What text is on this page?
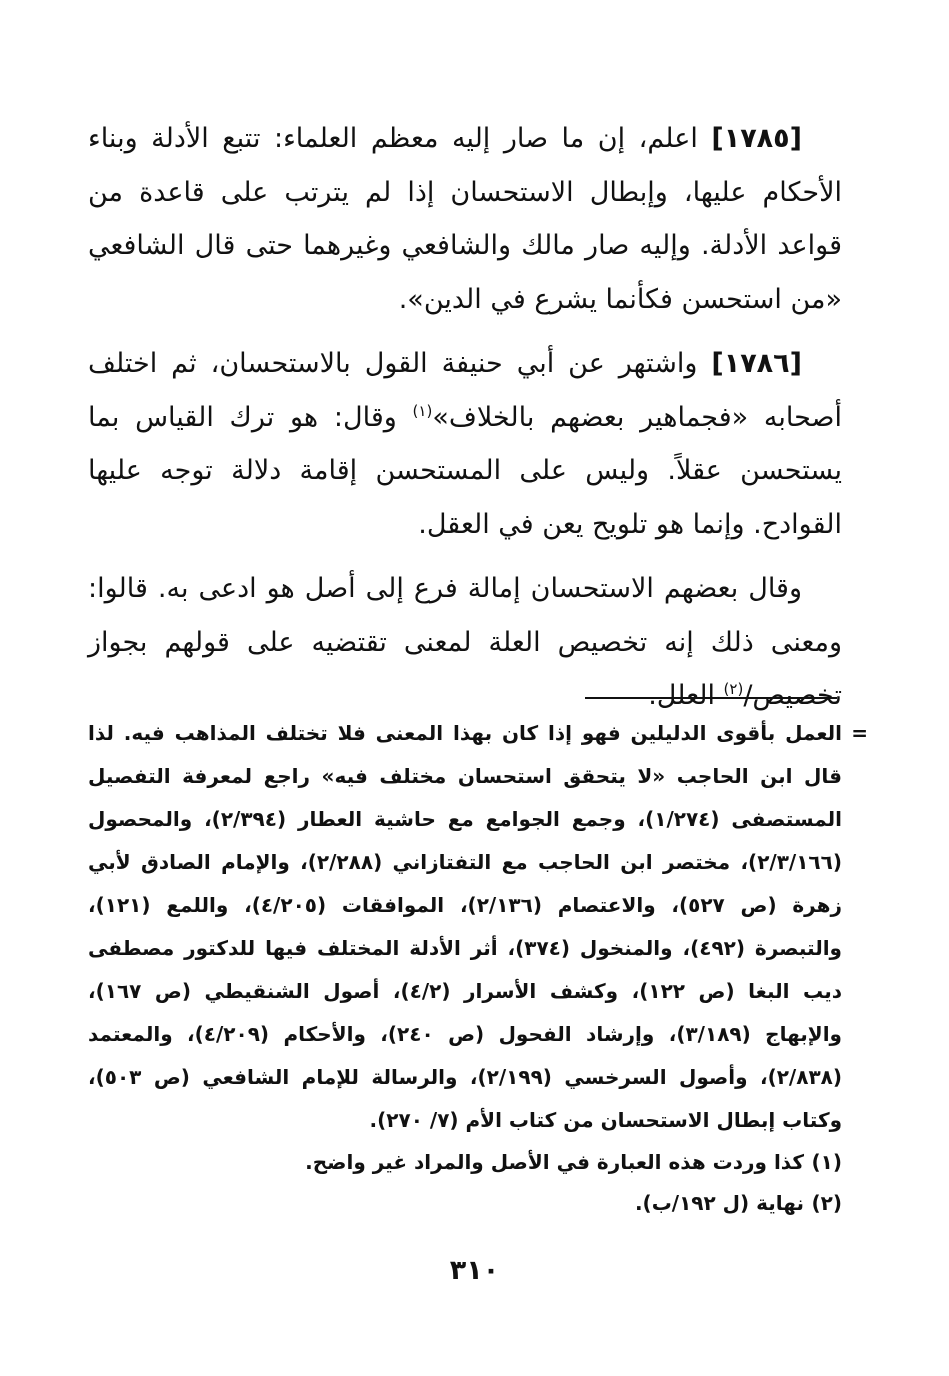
[١٧٨٥] اعلم، إن ما صار إليه معظم العلماء: تتبع الأدلة وبناء الأحكام عليها، وإبطال الاستحسان إذا لم يترتب على قاعدة من قواعد الأدلة. وإليه صار مالك والشافعي وغيرهما حتى قال الشافعي «من استحسن فكأنما يشرع في الدين».

[١٧٨٦] واشتهر عن أبي حنيفة القول بالاستحسان، ثم اختلف أصحابه «فجماهير بعضهم بالخلاف»$^{(١)}$ وقال: هو ترك القياس بما يستحسن عقلاً. وليس على المستحسن إقامة دلالة توجه عليها القوادح. وإنما هو تلويح يعن في العقل.

وقال بعضهم الاستحسان إمالة فرع إلى أصل هو ادعى به. قالوا: ومعنى ذلك إنه تخصيص العلة لمعنى تقتضيه على قولهم بجواز تخصيص/$^{(٢)}$ العلل.

=
العمل بأقوى الدليلين فهو إذا كان بهذا المعنى فلا تختلف المذاهب فيه. لذا قال ابن الحاجب «لا يتحقق استحسان مختلف فيه» راجع لمعرفة التفصيل المستصفى (١/٢٧٤)، وجمع الجوامع مع حاشية العطار (٢/٣٩٤)، والمحصول (٢/٣/١٦٦)، مختصر ابن الحاجب مع التفتازاني (٢/٢٨٨)، والإمام الصادق لأبي زهرة (ص ٥٢٧)، والاعتصام (٢/١٣٦)، الموافقات (٤/٢٠٥)، واللمع (١٢١)، والتبصرة (٤٩٢)، والمنخول (٣٧٤)، أثر الأدلة المختلف فيها للدكتور مصطفى ديب البغا (ص ١٢٢)، وكشف الأسرار (٤/٢)، أصول الشنقيطي (ص ١٦٧)، والإبهاج (٣/١٨٩)، وإرشاد الفحول (ص ٢٤٠)، والأحكام (٤/٢٠٩)، والمعتمد (٢/٨٣٨)، وأصول السرخسي (٢/١٩٩)، والرسالة للإمام الشافعي (ص ٥٠٣)، وكتاب إبطال الاستحسان من كتاب الأم (٧/ ٢٧٠).

(١)
كذا وردت هذه العبارة في الأصل والمراد غير واضح.

(٢)
نهاية (ل ١٩٢/ب).

٣١٠
